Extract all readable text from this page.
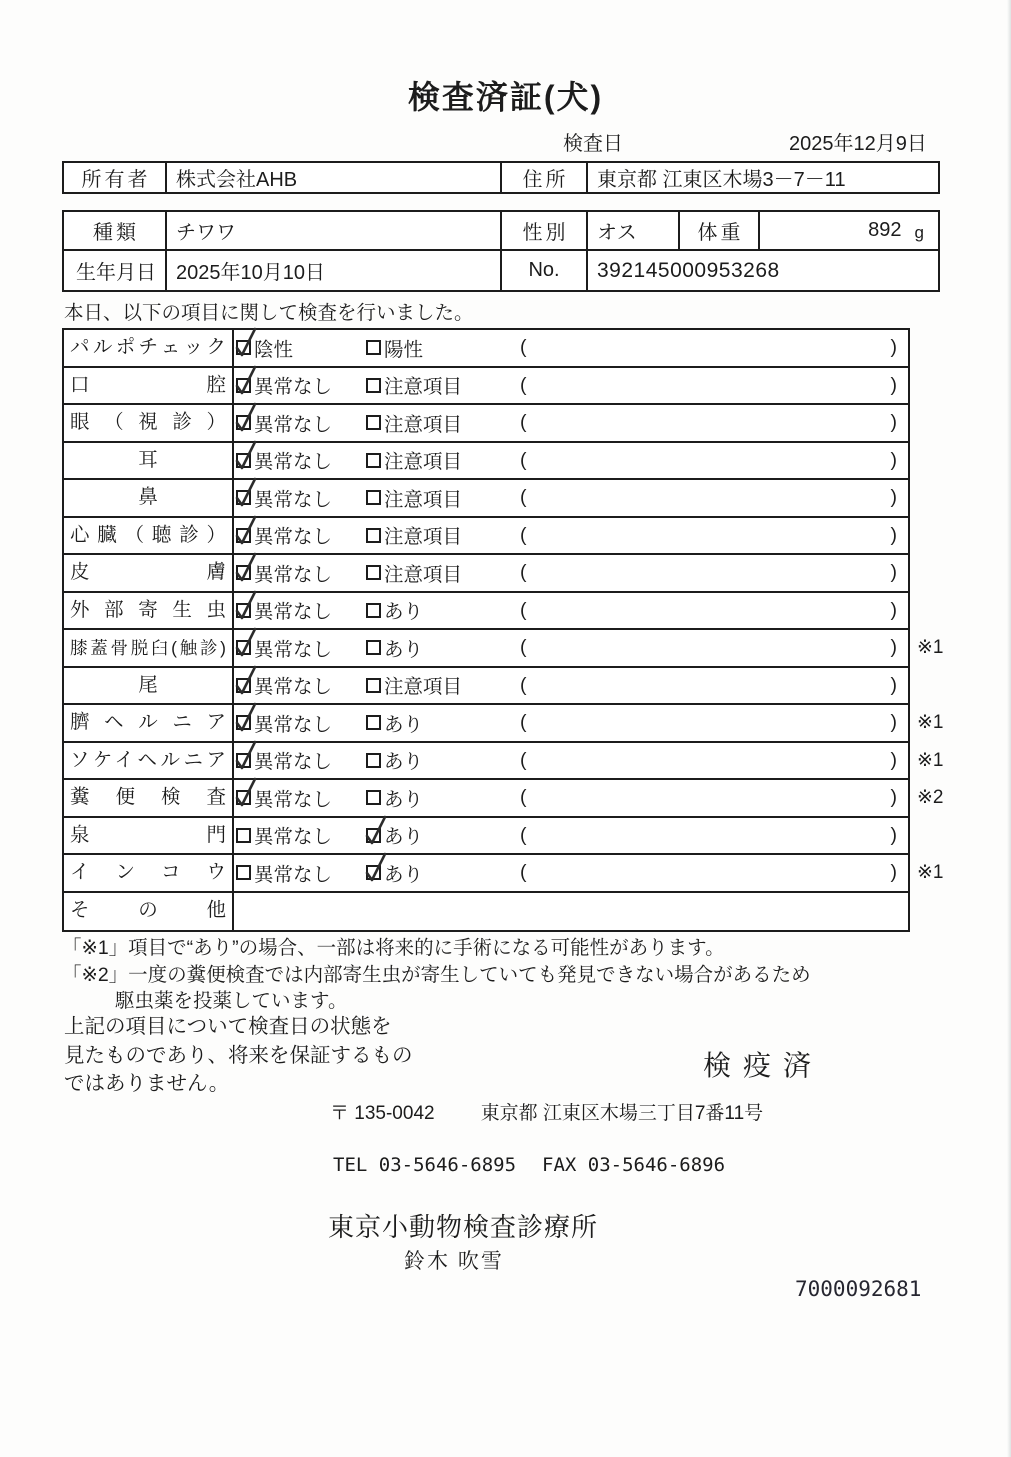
検査済証(犬)
検査日	2025年12月9日
所有者	株式会社AHB	住所	東京都 江東区木場3－7－11
種類	チワワ	性別	オス	体重	892 g
生年月日	2025年10月10日	No.	392145000953268
本日、以下の項目に関して検査を行いました。
パルポチェック	陰性	陽性	(	)
口腔	異常なし	注意項目	(	)
眼（視診）	異常なし	注意項目	(	)
耳	異常なし	注意項目	(	)
鼻	異常なし	注意項目	(	)
心臓（聴診）	異常なし	注意項目	(	)
皮膚	異常なし	注意項目	(	)
外部寄生虫	異常なし	あり	(	)
膝蓋骨脱臼(触診)	異常なし	あり	(	) ※1
尾	異常なし	注意項目	(	)
臍ヘルニア	異常なし	あり	(	) ※1
ソケイヘルニア	異常なし	あり	(	) ※1
糞便検査	異常なし	あり	(	) ※2
泉門	異常なし	あり	(	)
インコウ	異常なし	あり	(	) ※1
その他
「※1」項目で“あり”の場合、一部は将来的に手術になる可能性があります。
「※2」一度の糞便検査では内部寄生虫が寄生していても発見できない場合があるため
駆虫薬を投薬しています。
上記の項目について検査日の状態を
見たものであり、将来を保証するもの
ではありません。
検疫済
〒 135-0042 東京都 江東区木場三丁目7番11号
TEL 03-5646-6895 FAX 03-5646-6896
東京小動物検査診療所
鈴木 吹雪
7000092681
